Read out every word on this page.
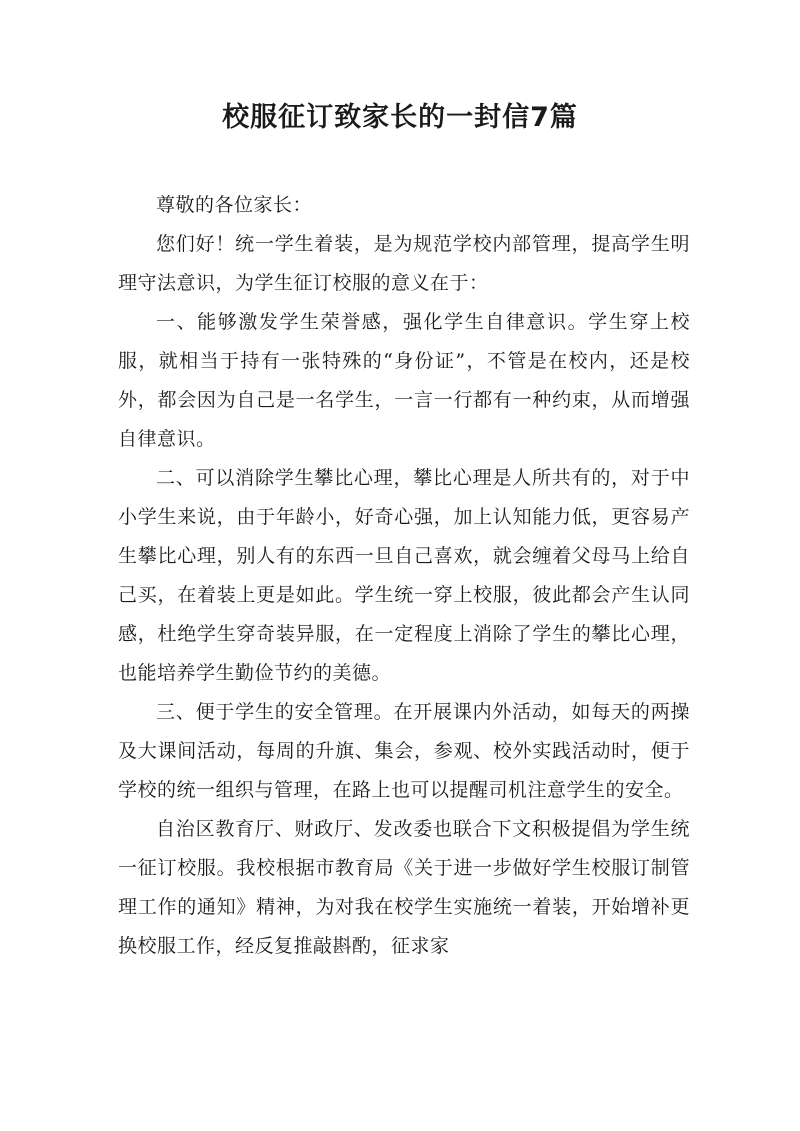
校服征订致家长的一封信7篇

尊敬的各位家长：

您们好！统一学生着装，是为规范学校内部管理，提高学生明理守法意识，为学生征订校服的意义在于：

一、能够激发学生荣誉感，强化学生自律意识。学生穿上校服，就相当于持有一张特殊的“身份证”，不管是在校内，还是校外，都会因为自己是一名学生，一言一行都有一种约束，从而增强自律意识。

二、可以消除学生攀比心理，攀比心理是人所共有的，对于中小学生来说，由于年龄小，好奇心强，加上认知能力低，更容易产生攀比心理，别人有的东西一旦自己喜欢，就会缠着父母马上给自己买，在着装上更是如此。学生统一穿上校服，彼此都会产生认同感，杜绝学生穿奇装异服，在一定程度上消除了学生的攀比心理，也能培养学生勤俭节约的美德。

三、便于学生的安全管理。在开展课内外活动，如每天的两操及大课间活动，每周的升旗、集会，参观、校外实践活动时，便于学校的统一组织与管理，在路上也可以提醒司机注意学生的安全。

自治区教育厅、财政厅、发改委也联合下文积极提倡为学生统一征订校服。我校根据市教育局《关于进一步做好学生校服订制管理工作的通知》精神，为对我在校学生实施统一着装，开始增补更换校服工作，经反复推敲斟酌，征求家
